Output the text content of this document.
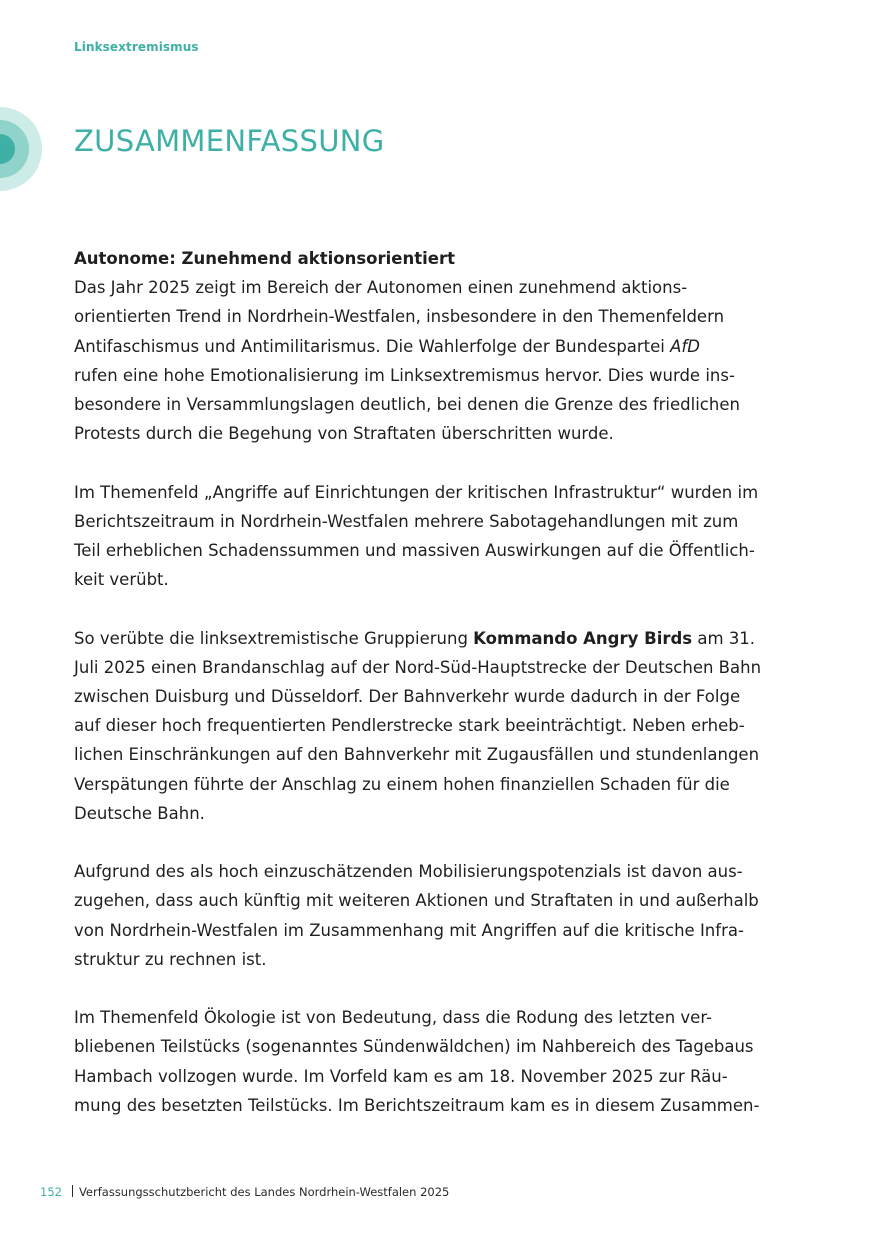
Linksextremismus
ZUSAMMENFASSUNG
Autonome: Zunehmend aktionsorientiert

Das Jahr 2025 zeigt im Bereich der Autonomen einen zunehmend aktions-
orientierten Trend in Nordrhein-Westfalen, insbesondere in den Themenfeldern
Antifaschismus und Antimilitarismus. Die Wahlerfolge der Bundespartei AfD
rufen eine hohe Emotionalisierung im Linksextremismus hervor. Dies wurde ins-
besondere in Versammlungslagen deutlich, bei denen die Grenze des friedlichen
Protests durch die Begehung von Straftaten überschritten wurde.

Im Themenfeld „Angriffe auf Einrichtungen der kritischen Infrastruktur“ wurden im
Berichtszeitraum in Nordrhein-Westfalen mehrere Sabotagehandlungen mit zum
Teil erheblichen Schadenssummen und massiven Auswirkungen auf die Öffentlich-
keit verübt.

So verübte die linksextremistische Gruppierung Kommando Angry Birds am 31.
Juli 2025 einen Brandanschlag auf der Nord-Süd-Hauptstrecke der Deutschen Bahn
zwischen Duisburg und Düsseldorf. Der Bahnverkehr wurde dadurch in der Folge
auf dieser hoch frequentierten Pendlerstrecke stark beeinträchtigt. Neben erheb-
lichen Einschränkungen auf den Bahnverkehr mit Zugausfällen und stundenlangen
Verspätungen führte der Anschlag zu einem hohen finanziellen Schaden für die
Deutsche Bahn.

Aufgrund des als hoch einzuschätzenden Mobilisierungspotenzials ist davon aus-
zugehen, dass auch künftig mit weiteren Aktionen und Straftaten in und außerhalb
von Nordrhein-Westfalen im Zusammenhang mit Angriffen auf die kritische Infra-
struktur zu rechnen ist.

Im Themenfeld Ökologie ist von Bedeutung, dass die Rodung des letzten ver-
bliebenen Teilstücks (sogenanntes Sündenwäldchen) im Nahbereich des Tagebaus
Hambach vollzogen wurde. Im Vorfeld kam es am 18. November 2025 zur Räu-
mung des besetzten Teilstücks. Im Berichtszeitraum kam es in diesem Zusammen-

152 Verfassungsschutzbericht des Landes Nordrhein-Westfalen 2025
